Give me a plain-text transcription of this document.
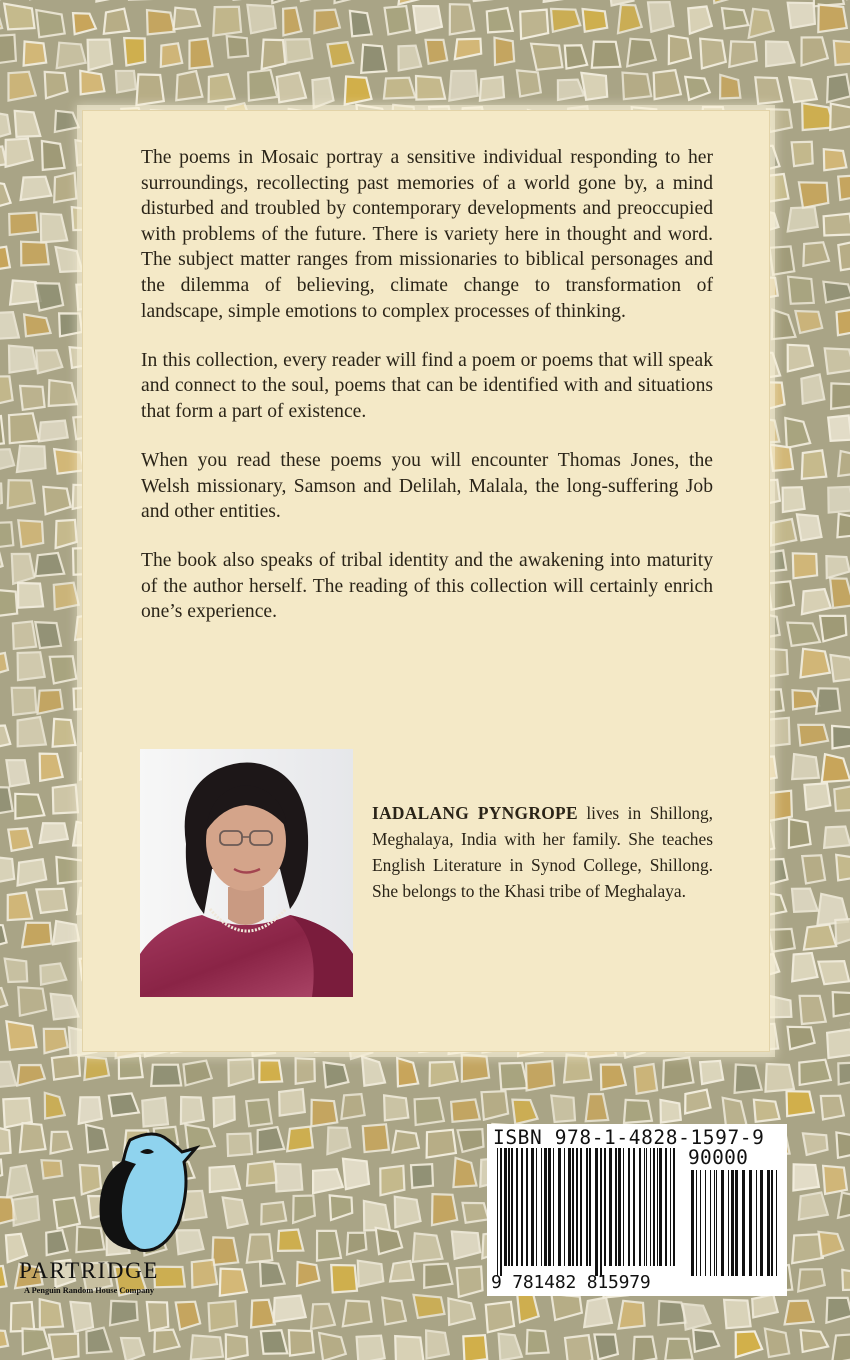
The poems in Mosaic portray a sensitive individual responding to her surroundings, recollecting past memories of a world gone by, a mind disturbed and troubled by contemporary developments and preoccupied with problems of the future. There is variety here in thought and word. The subject matter ranges from missionaries to biblical personages and the dilemma of believing, climate change to transformation of landscape, simple emotions to complex processes of thinking.

In this collection, every reader will find a poem or poems that will speak and connect to the soul, poems that can be identified with and situations that form a part of existence.

When you read these poems you will encounter Thomas Jones, the Welsh missionary, Samson and Delilah, Malala, the long-suffering Job and other entities.

The book also speaks of tribal identity and the awakening into maturity of the author herself. The reading of this collection will certainly enrich one’s experience.

IADALANG PYNGROPE lives in Shillong, Meghalaya, India with her family. She teaches English Literature in Synod College, Shillong. She belongs to the Khasi tribe of Meghalaya.
PARTRIDGE
A Penguin Random House Company
ISBN 978-1-4828-1597-9
90000
9 781482 815979
